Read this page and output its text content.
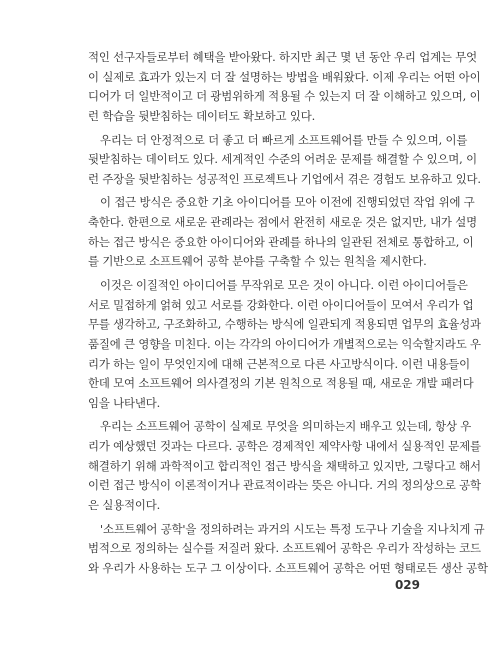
적인 선구자들로부터 혜택을 받아왔다. 하지만 최근 몇 년 동안 우리 업계는 무엇
이 실제로 효과가 있는지 더 잘 설명하는 방법을 배워왔다. 이제 우리는 어떤 아이
디어가 더 일반적이고 더 광범위하게 적용될 수 있는지 더 잘 이해하고 있으며, 이
런 학습을 뒷받침하는 데이터도 확보하고 있다.
우리는 더 안정적으로 더 좋고 더 빠르게 소프트웨어를 만들 수 있으며, 이를
뒷받침하는 데이터도 있다. 세계적인 수준의 어려운 문제를 해결할 수 있으며, 이
런 주장을 뒷받침하는 성공적인 프로젝트나 기업에서 겪은 경험도 보유하고 있다.
이 접근 방식은 중요한 기초 아이디어를 모아 이전에 진행되었던 작업 위에 구
축한다. 한편으로 새로운 관례라는 점에서 완전히 새로운 것은 없지만, 내가 설명
하는 접근 방식은 중요한 아이디어와 관례를 하나의 일관된 전체로 통합하고, 이
를 기반으로 소프트웨어 공학 분야를 구축할 수 있는 원칙을 제시한다.
이것은 이질적인 아이디어를 무작위로 모은 것이 아니다. 이런 아이디어들은
서로 밀접하게 얽혀 있고 서로를 강화한다. 이런 아이디어들이 모여서 우리가 업
무를 생각하고, 구조화하고, 수행하는 방식에 일관되게 적용되면 업무의 효율성과
품질에 큰 영향을 미친다. 이는 각각의 아이디어가 개별적으로는 익숙할지라도 우
리가 하는 일이 무엇인지에 대해 근본적으로 다른 사고방식이다. 이런 내용들이
한데 모여 소프트웨어 의사결정의 기본 원칙으로 적용될 때, 새로운 개발 패러다
임을 나타낸다.
우리는 소프트웨어 공학이 실제로 무엇을 의미하는지 배우고 있는데, 항상 우
리가 예상했던 것과는 다르다. 공학은 경제적인 제약사항 내에서 실용적인 문제를
해결하기 위해 과학적이고 합리적인 접근 방식을 채택하고 있지만, 그렇다고 해서
이런 접근 방식이 이론적이거나 관료적이라는 뜻은 아니다. 거의 정의상으로 공학
은 실용적이다.
'소프트웨어 공학'을 정의하려는 과거의 시도는 특정 도구나 기술을 지나치게 규
범적으로 정의하는 실수를 저질러 왔다. 소프트웨어 공학은 우리가 작성하는 코드
와 우리가 사용하는 도구 그 이상이다. 소프트웨어 공학은 어떤 형태로든 생산 공학
029
